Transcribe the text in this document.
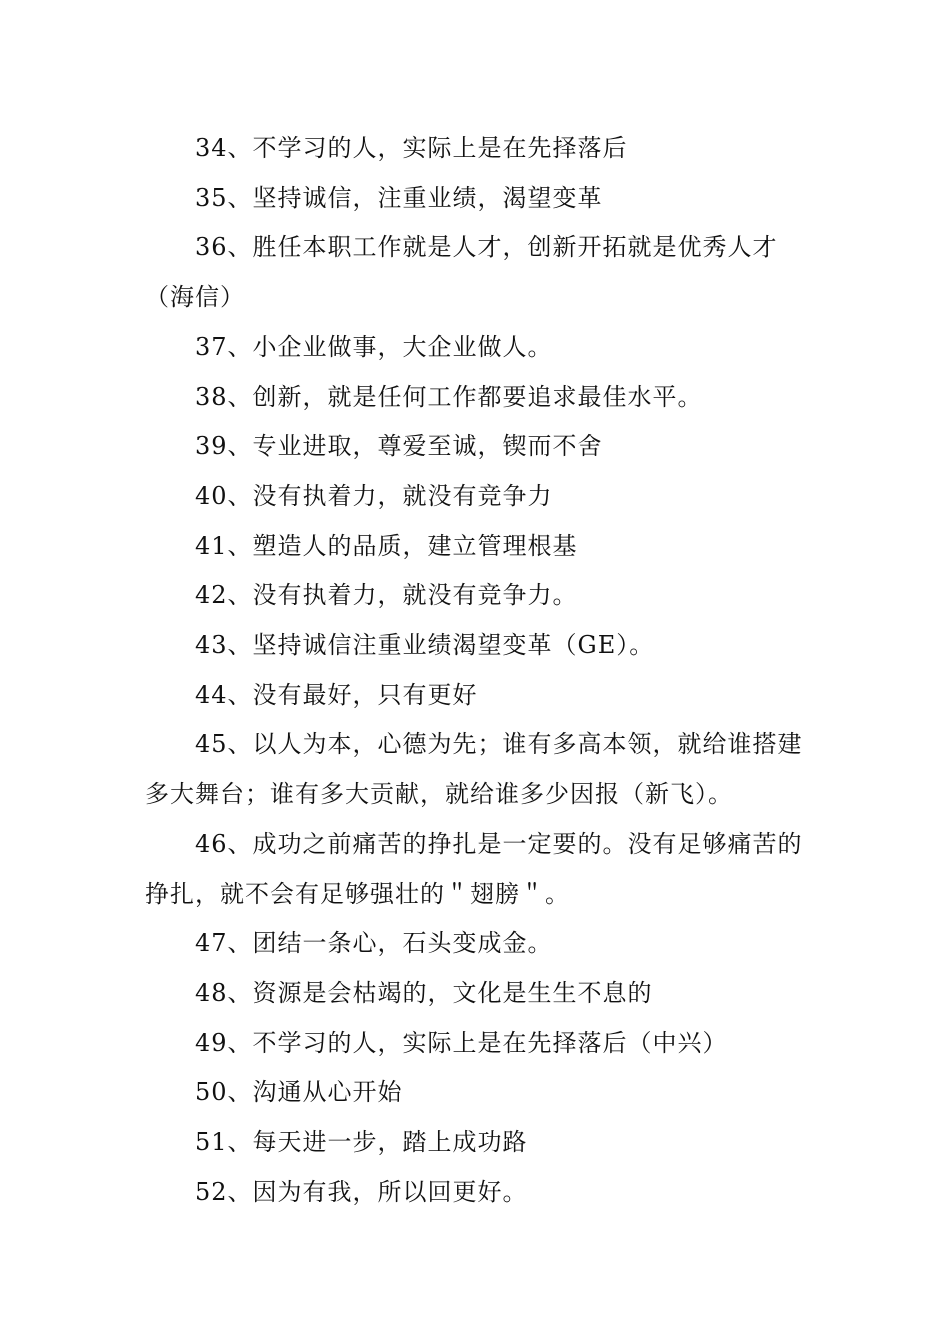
34、不学习的人，实际上是在先择落后

35、坚持诚信，注重业绩，渴望变革

36、胜任本职工作就是人才，创新开拓就是优秀人才（海信）

37、小企业做事，大企业做人。

38、创新，就是任何工作都要追求最佳水平。

39、专业进取，尊爱至诚，锲而不舍

40、没有执着力，就没有竞争力

41、塑造人的品质，建立管理根基

42、没有执着力，就没有竞争力。

43、坚持诚信注重业绩渴望变革（GE）。

44、没有最好，只有更好

45、以人为本，心德为先；谁有多高本领，就给谁搭建多大舞台；谁有多大贡献，就给谁多少因报（新飞）。

46、成功之前痛苦的挣扎是一定要的。没有足够痛苦的挣扎，就不会有足够强壮的＂翅膀＂。

47、团结一条心，石头变成金。

48、资源是会枯竭的，文化是生生不息的

49、不学习的人，实际上是在先择落后（中兴）

50、沟通从心开始

51、每天进一步，踏上成功路

52、因为有我，所以回更好。
